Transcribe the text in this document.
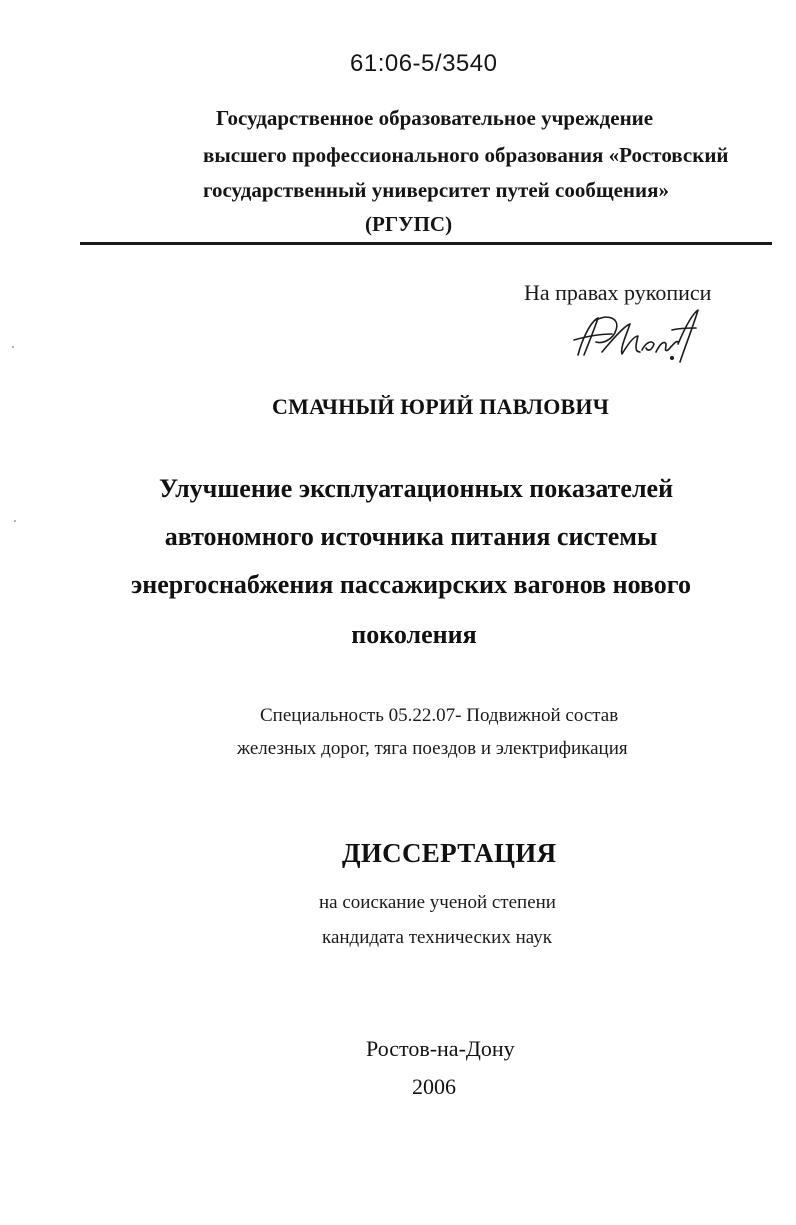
61:06-5/3540
Государственное образовательное учреждение
высшего профессионального образования «Ростовский
государственный университет путей сообщения»
(РГУПС)
На правах рукописи
СМАЧНЫЙ ЮРИЙ ПАВЛОВИЧ
Улучшение эксплуатационных показателей
автономного источника питания системы
энергоснабжения пассажирских вагонов нового
поколения
Специальность 05.22.07- Подвижной состав
железных дорог, тяга поездов и электрификация
ДИССЕРТАЦИЯ
на соискание ученой степени
кандидата технических наук
Ростов-на-Дону
2006
